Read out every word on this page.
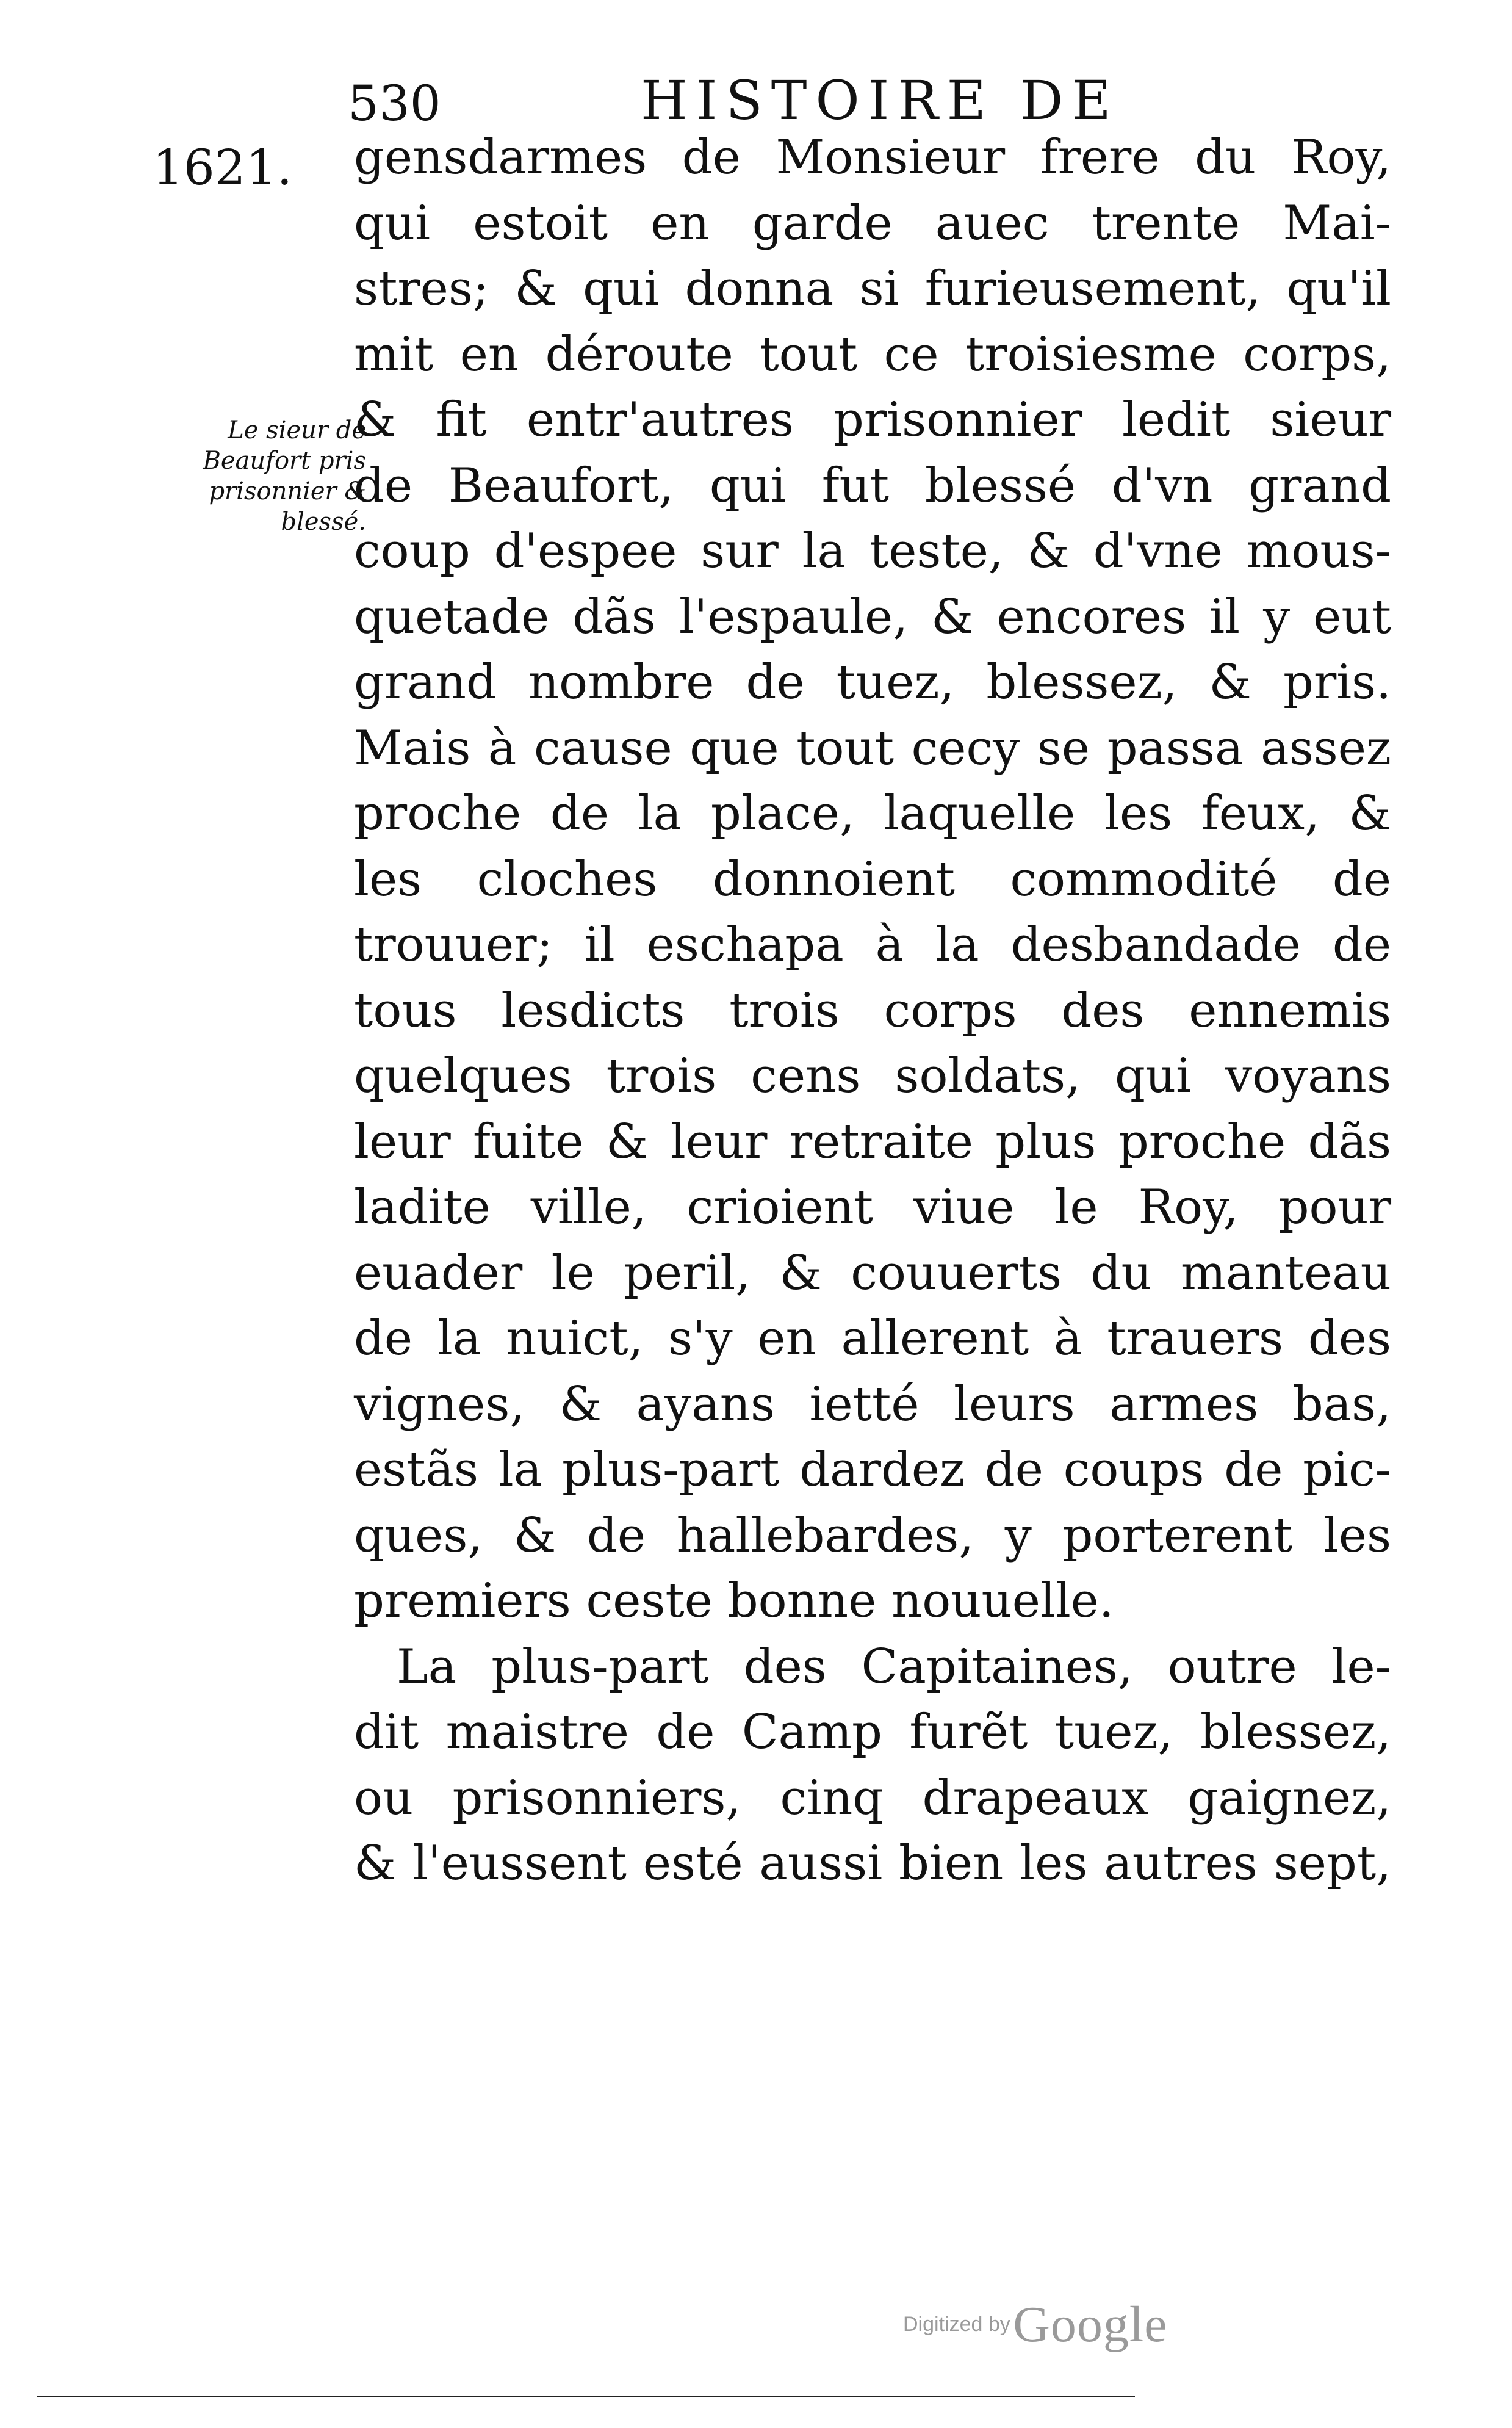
530	HISTOIRE DE
1621.
Le sieur de
Beaufort pris
prisonnier &
blessé.
gensdarmes de Monsieur frere du Roy,
qui estoit en garde auec trente Mai-
stres; & qui donna si furieusement, qu'il
mit en déroute tout ce troisiesme corps,
& fit entr'autres prisonnier ledit sieur
de Beaufort, qui fut blessé d'vn grand
coup d'espee sur la teste, & d'vne mous-
quetade dãs l'espaule, & encores il y eut
grand nombre de tuez, blessez, & pris.
Mais à cause que tout cecy se passa assez
proche de la place, laquelle les feux, &
les cloches donnoient commodité de
trouuer; il eschapa à la desbandade de
tous lesdicts trois corps des ennemis
quelques trois cens soldats, qui voyans
leur fuite & leur retraite plus proche dãs
ladite ville, crioient viue le Roy, pour
euader le peril, & couuerts du manteau
de la nuict, s'y en allerent à trauers des
vignes, & ayans ietté leurs armes bas,
estãs la plus-part dardez de coups de pic-
ques, & de hallebardes, y porterent les
premiers ceste bonne nouuelle.
La plus-part des Capitaines, outre le-
dit maistre de Camp furẽt tuez, blessez,
ou prisonniers, cinq drapeaux gaignez,
& l'eussent esté aussi bien les autres sept,
Digitized by Google
